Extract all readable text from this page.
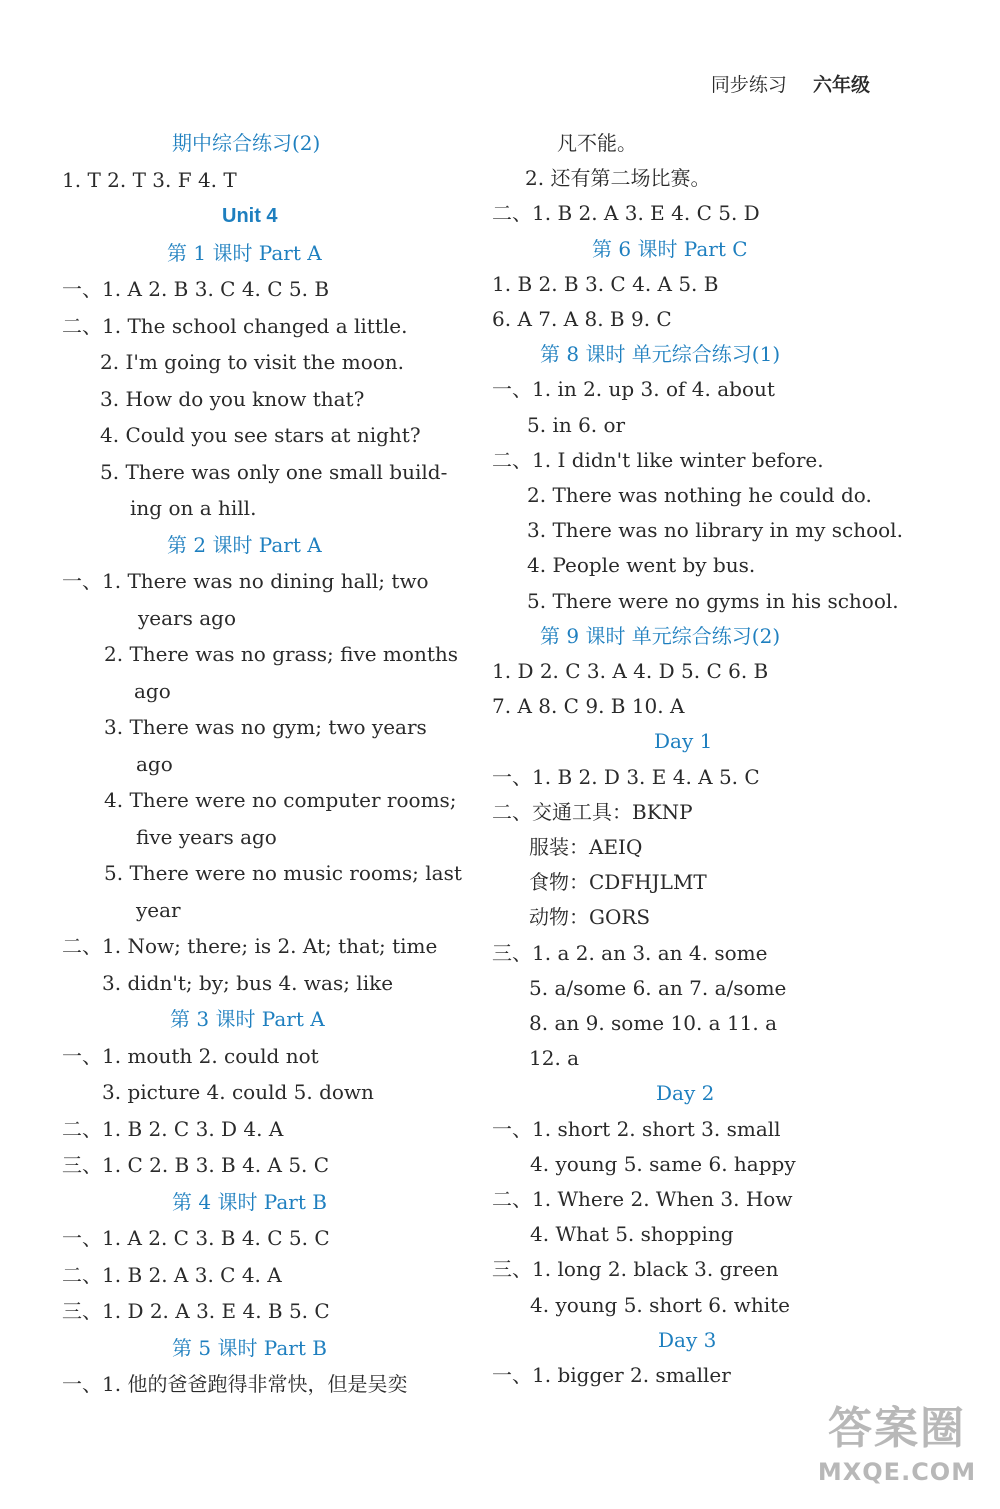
同步练习 六年级
期中综合练习(2)
1. T 2. T 3. F 4. T
Unit 4
第 1 课时 Part A
一、1. A 2. B 3. C 4. C 5. B
二、1. The school changed a little.
2. I'm going to visit the moon.
3. How do you know that?
4. Could you see stars at night?
5. There was only one small build-
ing on a hill.
第 2 课时 Part A
一、1. There was no dining hall; two
years ago
2. There was no grass; five months
ago
3. There was no gym; two years
ago
4. There were no computer rooms;
five years ago
5. There were no music rooms; last
year
二、1. Now; there; is 2. At; that; time
3. didn't; by; bus 4. was; like
第 3 课时 Part A
一、1. mouth 2. could not
3. picture 4. could 5. down
二、1. B 2. C 3. D 4. A
三、1. C 2. B 3. B 4. A 5. C
第 4 课时 Part B
一、1. A 2. C 3. B 4. C 5. C
二、1. B 2. A 3. C 4. A
三、1. D 2. A 3. E 4. B 5. C
第 5 课时 Part B
一、1. 他的爸爸跑得非常快，但是吴奕
凡不能。
2. 还有第二场比赛。
二、1. B 2. A 3. E 4. C 5. D
第 6 课时 Part C
1. B 2. B 3. C 4. A 5. B
6. A 7. A 8. B 9. C
第 8 课时 单元综合练习(1)
一、1. in 2. up 3. of 4. about
5. in 6. or
二、1. I didn't like winter before.
2. There was nothing he could do.
3. There was no library in my school.
4. People went by bus.
5. There were no gyms in his school.
第 9 课时 单元综合练习(2)
1. D 2. C 3. A 4. D 5. C 6. B
7. A 8. C 9. B 10. A
Day 1
一、1. B 2. D 3. E 4. A 5. C
二、交通工具：BKNP
服装：AEIQ
食物：CDFHJLMT
动物：GORS
三、1. a 2. an 3. an 4. some
5. a/some 6. an 7. a/some
8. an 9. some 10. a 11. a
12. a
Day 2
一、1. short 2. short 3. small
4. young 5. same 6. happy
二、1. Where 2. When 3. How
4. What 5. shopping
三、1. long 2. black 3. green
4. young 5. short 6. white
Day 3
一、1. bigger 2. smaller
答案圈
MXQE.COM
